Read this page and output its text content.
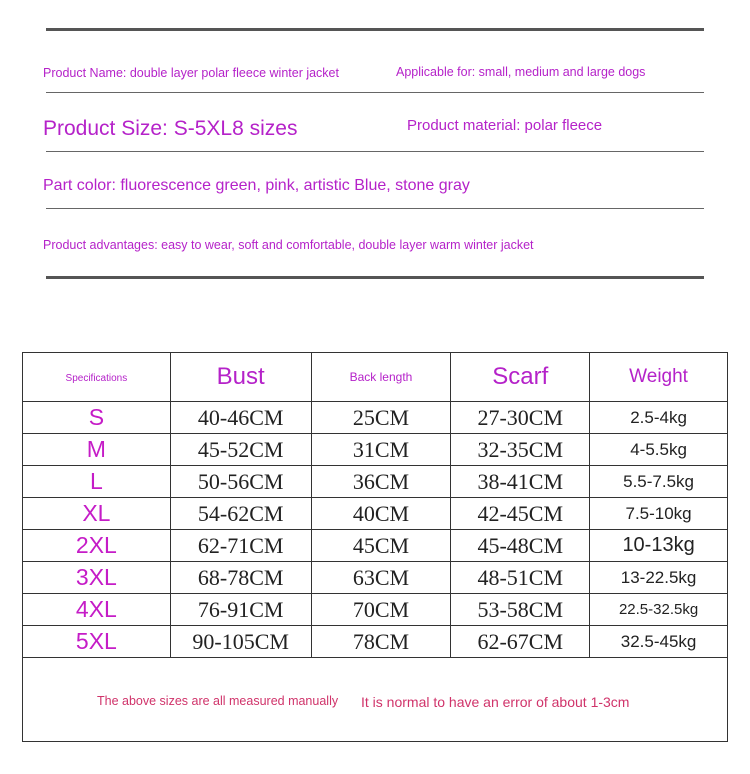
Product Name: double layer polar fleece winter jacket	Applicable for: small, medium and large dogs
Product Size: S-5XL8 sizes	Product material: polar fleece
Part color: fluorescence green, pink, artistic Blue, stone gray
Product advantages: easy to wear, soft and comfortable, double layer warm winter jacket
Specifications	Bust	Back length	Scarf	Weight
S	40-46CM	25CM	27-30CM	2.5-4kg
M	45-52CM	31CM	32-35CM	4-5.5kg
L	50-56CM	36CM	38-41CM	5.5-7.5kg
XL	54-62CM	40CM	42-45CM	7.5-10kg
2XL	62-71CM	45CM	45-48CM	10-13kg
3XL	68-78CM	63CM	48-51CM	13-22.5kg
4XL	76-91CM	70CM	53-58CM	22.5-32.5kg
5XL	90-105CM	78CM	62-67CM	32.5-45kg
The above sizes are all measured manually It is normal to have an error of about 1-3cm
